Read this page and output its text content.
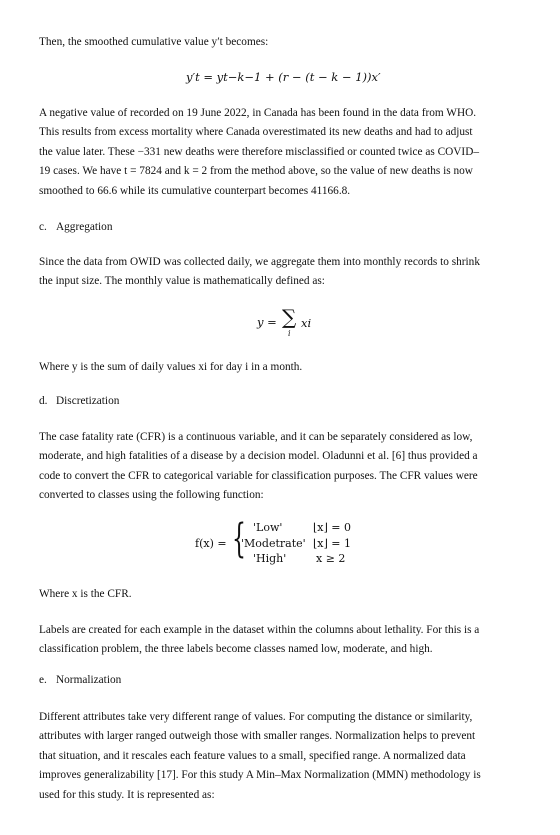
Then, the smoothed cumulative value y′t becomes:

y′t = yt−k−1 + (r − (t − k − 1))x′
A negative value of recorded on 19 June 2022, in Canada has been found in the data from WHO.
This results from excess mortality where Canada overestimated its new deaths and had to adjust
the value later. These −331 new deaths were therefore misclassified or counted twice as COVID–
19 cases. We have t = 7824 and k = 2 from the method above, so the value of new deaths is now
smoothed to 66.6 while its cumulative counterpart becomes 41166.8.
c. Aggregation
Since the data from OWID was collected daily, we aggregate them into monthly records to shrink
the input size. The monthly value is mathematically defined as:
y = ∑
i
xi

Where y is the sum of daily values xi for day i in a month.

d. Discretization
The case fatality rate (CFR) is a continuous variable, and it can be separately considered as low,
moderate, and high fatalities of a disease by a decision model. Oladunni et al. [6] thus provided a
code to convert the CFR to categorical variable for classification purposes. The CFR values were
converted to classes using the following function:
f(x) = { 'Low'
'Modetrate'
'High'
⌊x⌋ = 0
⌊x⌋ = 1
x ≥ 2

Where x is the CFR.

Labels are created for each example in the dataset within the columns about lethality. For this is a
classification problem, the three labels become classes named low, moderate, and high.
e. Normalization
Different attributes take very different range of values. For computing the distance or similarity,
attributes with larger ranged outweigh those with smaller ranges. Normalization helps to prevent
that situation, and it rescales each feature values to a small, specified range. A normalized data
improves generalizability [17]. For this study A Min–Max Normalization (MMN) methodology is
used for this study. It is represented as:
